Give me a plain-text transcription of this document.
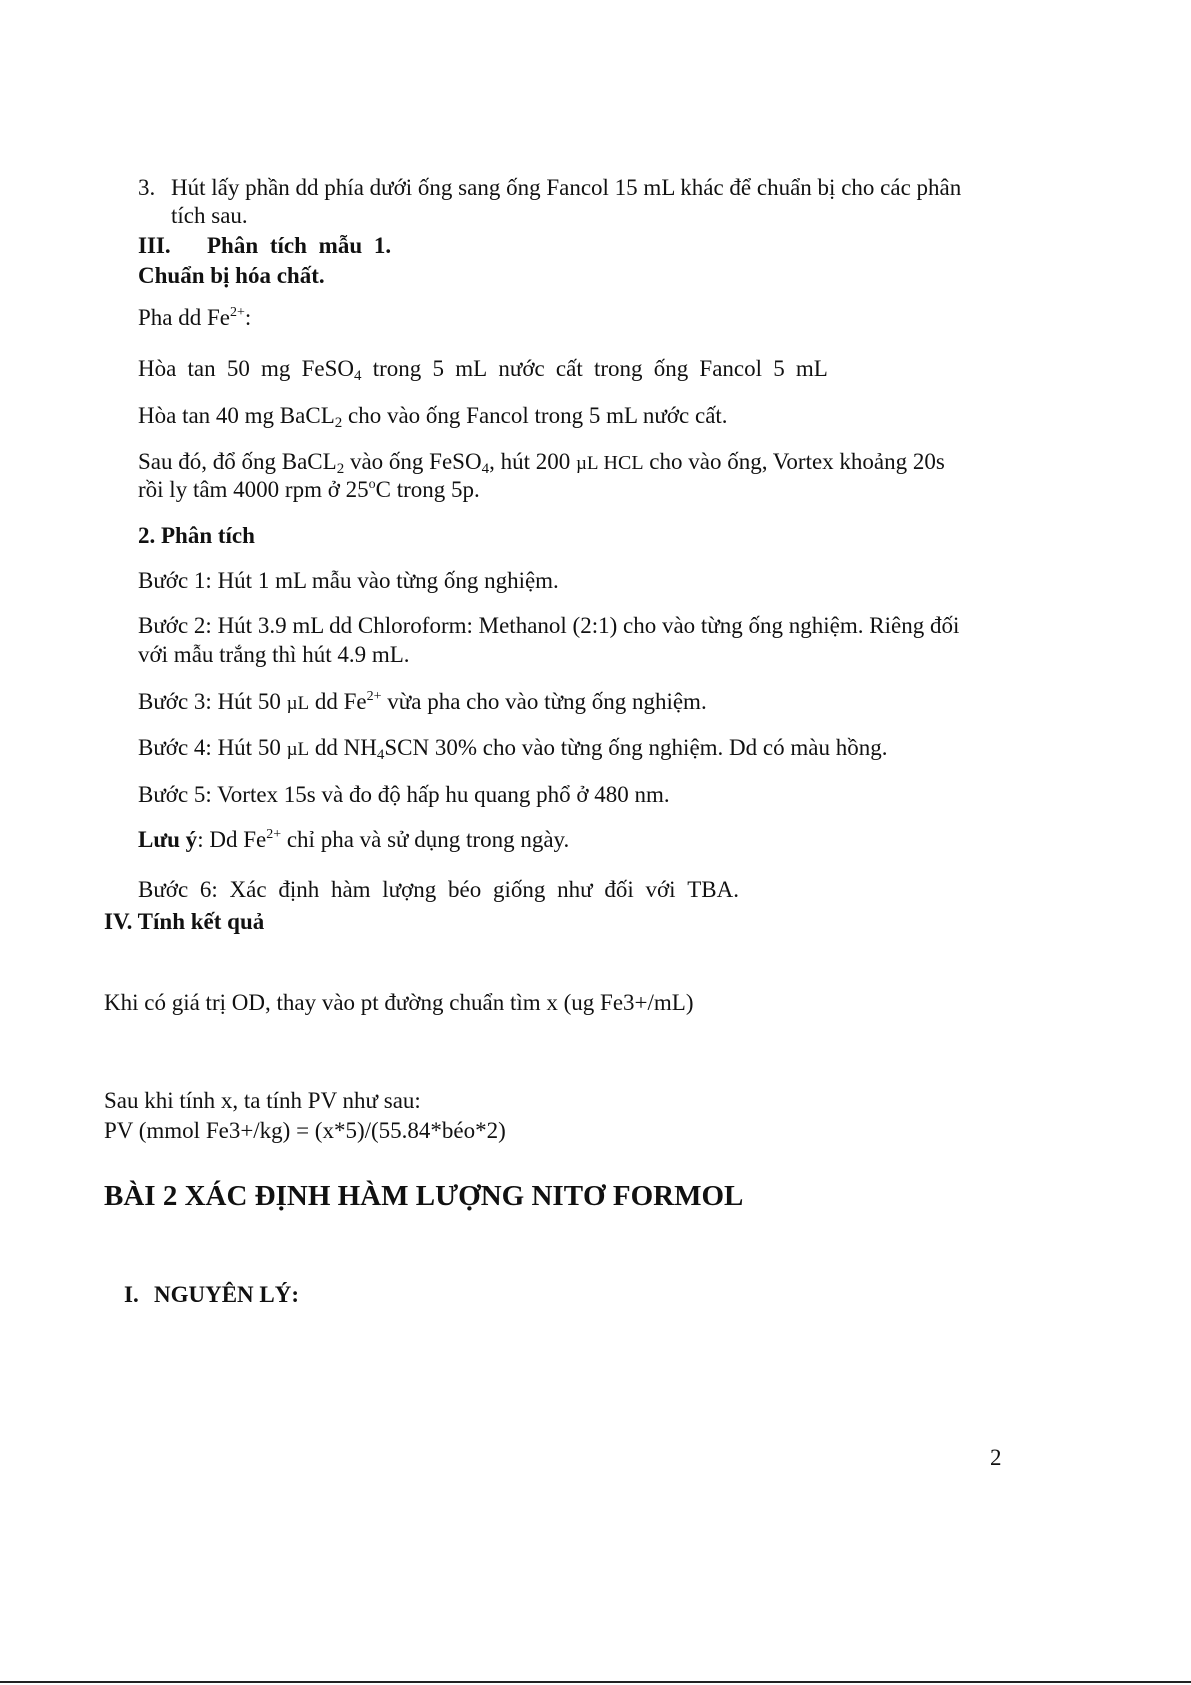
3. Hút lấy phần dd phía dưới ống sang ống Fancol 15 mL khác để chuẩn bị cho các phân
tích sau.
III. Phân tích mẫu 1.
Chuẩn bị hóa chất.
Pha dd $Fe^{2+}$:
Hòa tan 50 mg FeSO$_4$ trong 5 mL nước cất trong ống Fancol 5 mL
Hòa tan 40 mg BaCL$_2$ cho vào ống Fancol trong 5 mL nước cất.
Sau đó, đổ ống BaCL$_2$ vào ống FeSO$_4$, hút 200 µL HCL cho vào ống, Vortex khoảng 20s
rồi ly tâm 4000 rpm ở 25$^o$C trong 5p.
2. Phân tích
Bước 1: Hút 1 mL mẫu vào từng ống nghiệm.
Bước 2: Hút 3.9 mL dd Chloroform: Methanol (2:1) cho vào từng ống nghiệm. Riêng đối
với mẫu trắng thì hút 4.9 mL.
Bước 3: Hút 50 µL dd $Fe^{2+}$ vừa pha cho vào từng ống nghiệm.
Bước 4: Hút 50 µL dd $NH_4SCN$ 30% cho vào từng ống nghiệm. Dd có màu hồng.
Bước 5: Vortex 15s và đo độ hấp hu quang phổ ở 480 nm.
Lưu ý: Dd $Fe^{2+}$ chỉ pha và sử dụng trong ngày.
Bước 6: Xác định hàm lượng béo giống như đối với TBA.
IV. Tính kết quả
Khi có giá trị OD, thay vào pt đường chuẩn tìm x (ug Fe3+/mL)
Sau khi tính x, ta tính PV như sau:
PV (mmol Fe3+/kg) = (x*5)/(55.84*béo*2)
BÀI 2 XÁC ĐỊNH HÀM LƯỢNG NITƠ FORMOL
I. NGUYÊN LÝ:
2
